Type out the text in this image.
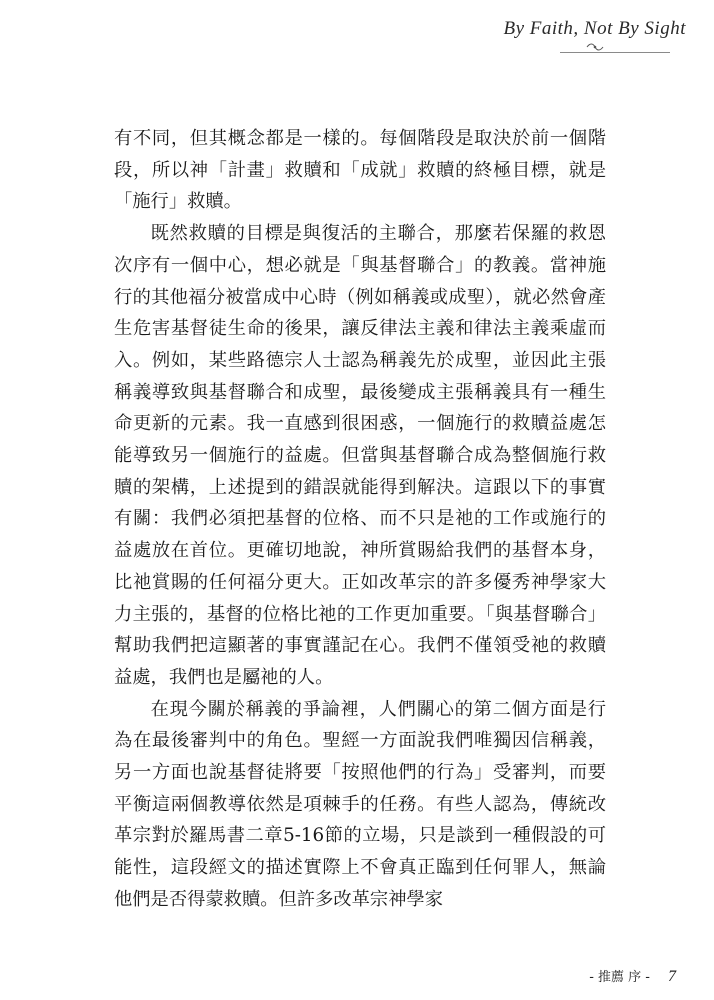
By Faith, Not By Sight

有不同，但其概念都是一樣的。每個階段是取決於前一個階段，所以神「計畫」救贖和「成就」救贖的終極目標，就是「施行」救贖。

既然救贖的目標是與復活的主聯合，那麼若保羅的救恩次序有一個中心，想必就是「與基督聯合」的教義。當神施行的其他福分被當成中心時（例如稱義或成聖），就必然會產生危害基督徒生命的後果，讓反律法主義和律法主義乘虛而入。例如，某些路德宗人士認為稱義先於成聖，並因此主張稱義導致與基督聯合和成聖，最後變成主張稱義具有一種生命更新的元素。我一直感到很困惑，一個施行的救贖益處怎能導致另一個施行的益處。但當與基督聯合成為整個施行救贖的架構，上述提到的錯誤就能得到解決。這跟以下的事實有關：我們必須把基督的位格、而不只是祂的工作或施行的益處放在首位。更確切地說，神所賞賜給我們的基督本身，比祂賞賜的任何福分更大。正如改革宗的許多優秀神學家大力主張的，基督的位格比祂的工作更加重要。「與基督聯合」幫助我們把這顯著的事實謹記在心。我們不僅領受祂的救贖益處，我們也是屬祂的人。

在現今關於稱義的爭論裡，人們關心的第二個方面是行為在最後審判中的角色。聖經一方面說我們唯獨因信稱義，另一方面也說基督徒將要「按照他們的行為」受審判，而要平衡這兩個教導依然是項棘手的任務。有些人認為，傳統改革宗對於羅馬書二章5-16節的立場，只是談到一種假設的可能性，這段經文的描述實際上不會真正臨到任何罪人，無論他們是否得蒙救贖。但許多改革宗神學家

- 推薦 序 - 7
